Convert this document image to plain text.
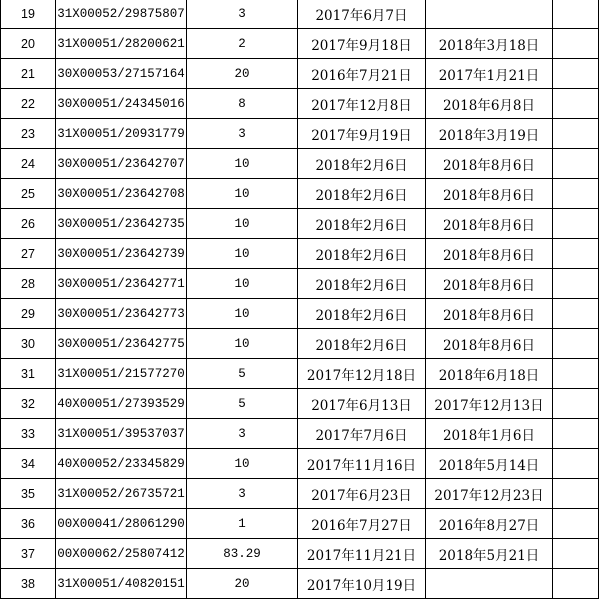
19	31X00052/29875807	3	2017年6月7日		
20	31X00051/28200621	2	2017年9月18日	2018年3月18日	
21	30X00053/27157164	20	2016年7月21日	2017年1月21日	
22	30X00051/24345016	8	2017年12月8日	2018年6月8日	
23	31X00051/20931779	3	2017年9月19日	2018年3月19日	
24	30X00051/23642707	10	2018年2月6日	2018年8月6日	
25	30X00051/23642708	10	2018年2月6日	2018年8月6日	
26	30X00051/23642735	10	2018年2月6日	2018年8月6日	
27	30X00051/23642739	10	2018年2月6日	2018年8月6日	
28	30X00051/23642771	10	2018年2月6日	2018年8月6日	
29	30X00051/23642773	10	2018年2月6日	2018年8月6日	
30	30X00051/23642775	10	2018年2月6日	2018年8月6日	
31	31X00051/21577270	5	2017年12月18日	2018年6月18日	
32	40X00051/27393529	5	2017年6月13日	2017年12月13日	
33	31X00051/39537037	3	2017年7月6日	2018年1月6日	
34	40X00052/23345829	10	2017年11月16日	2018年5月14日	
35	31X00052/26735721	3	2017年6月23日	2017年12月23日	
36	00X00041/28061290	1	2016年7月27日	2016年8月27日	
37	00X00062/25807412	83.29	2017年11月21日	2018年5月21日	
38	31X00051/40820151	20	2017年10月19日		
